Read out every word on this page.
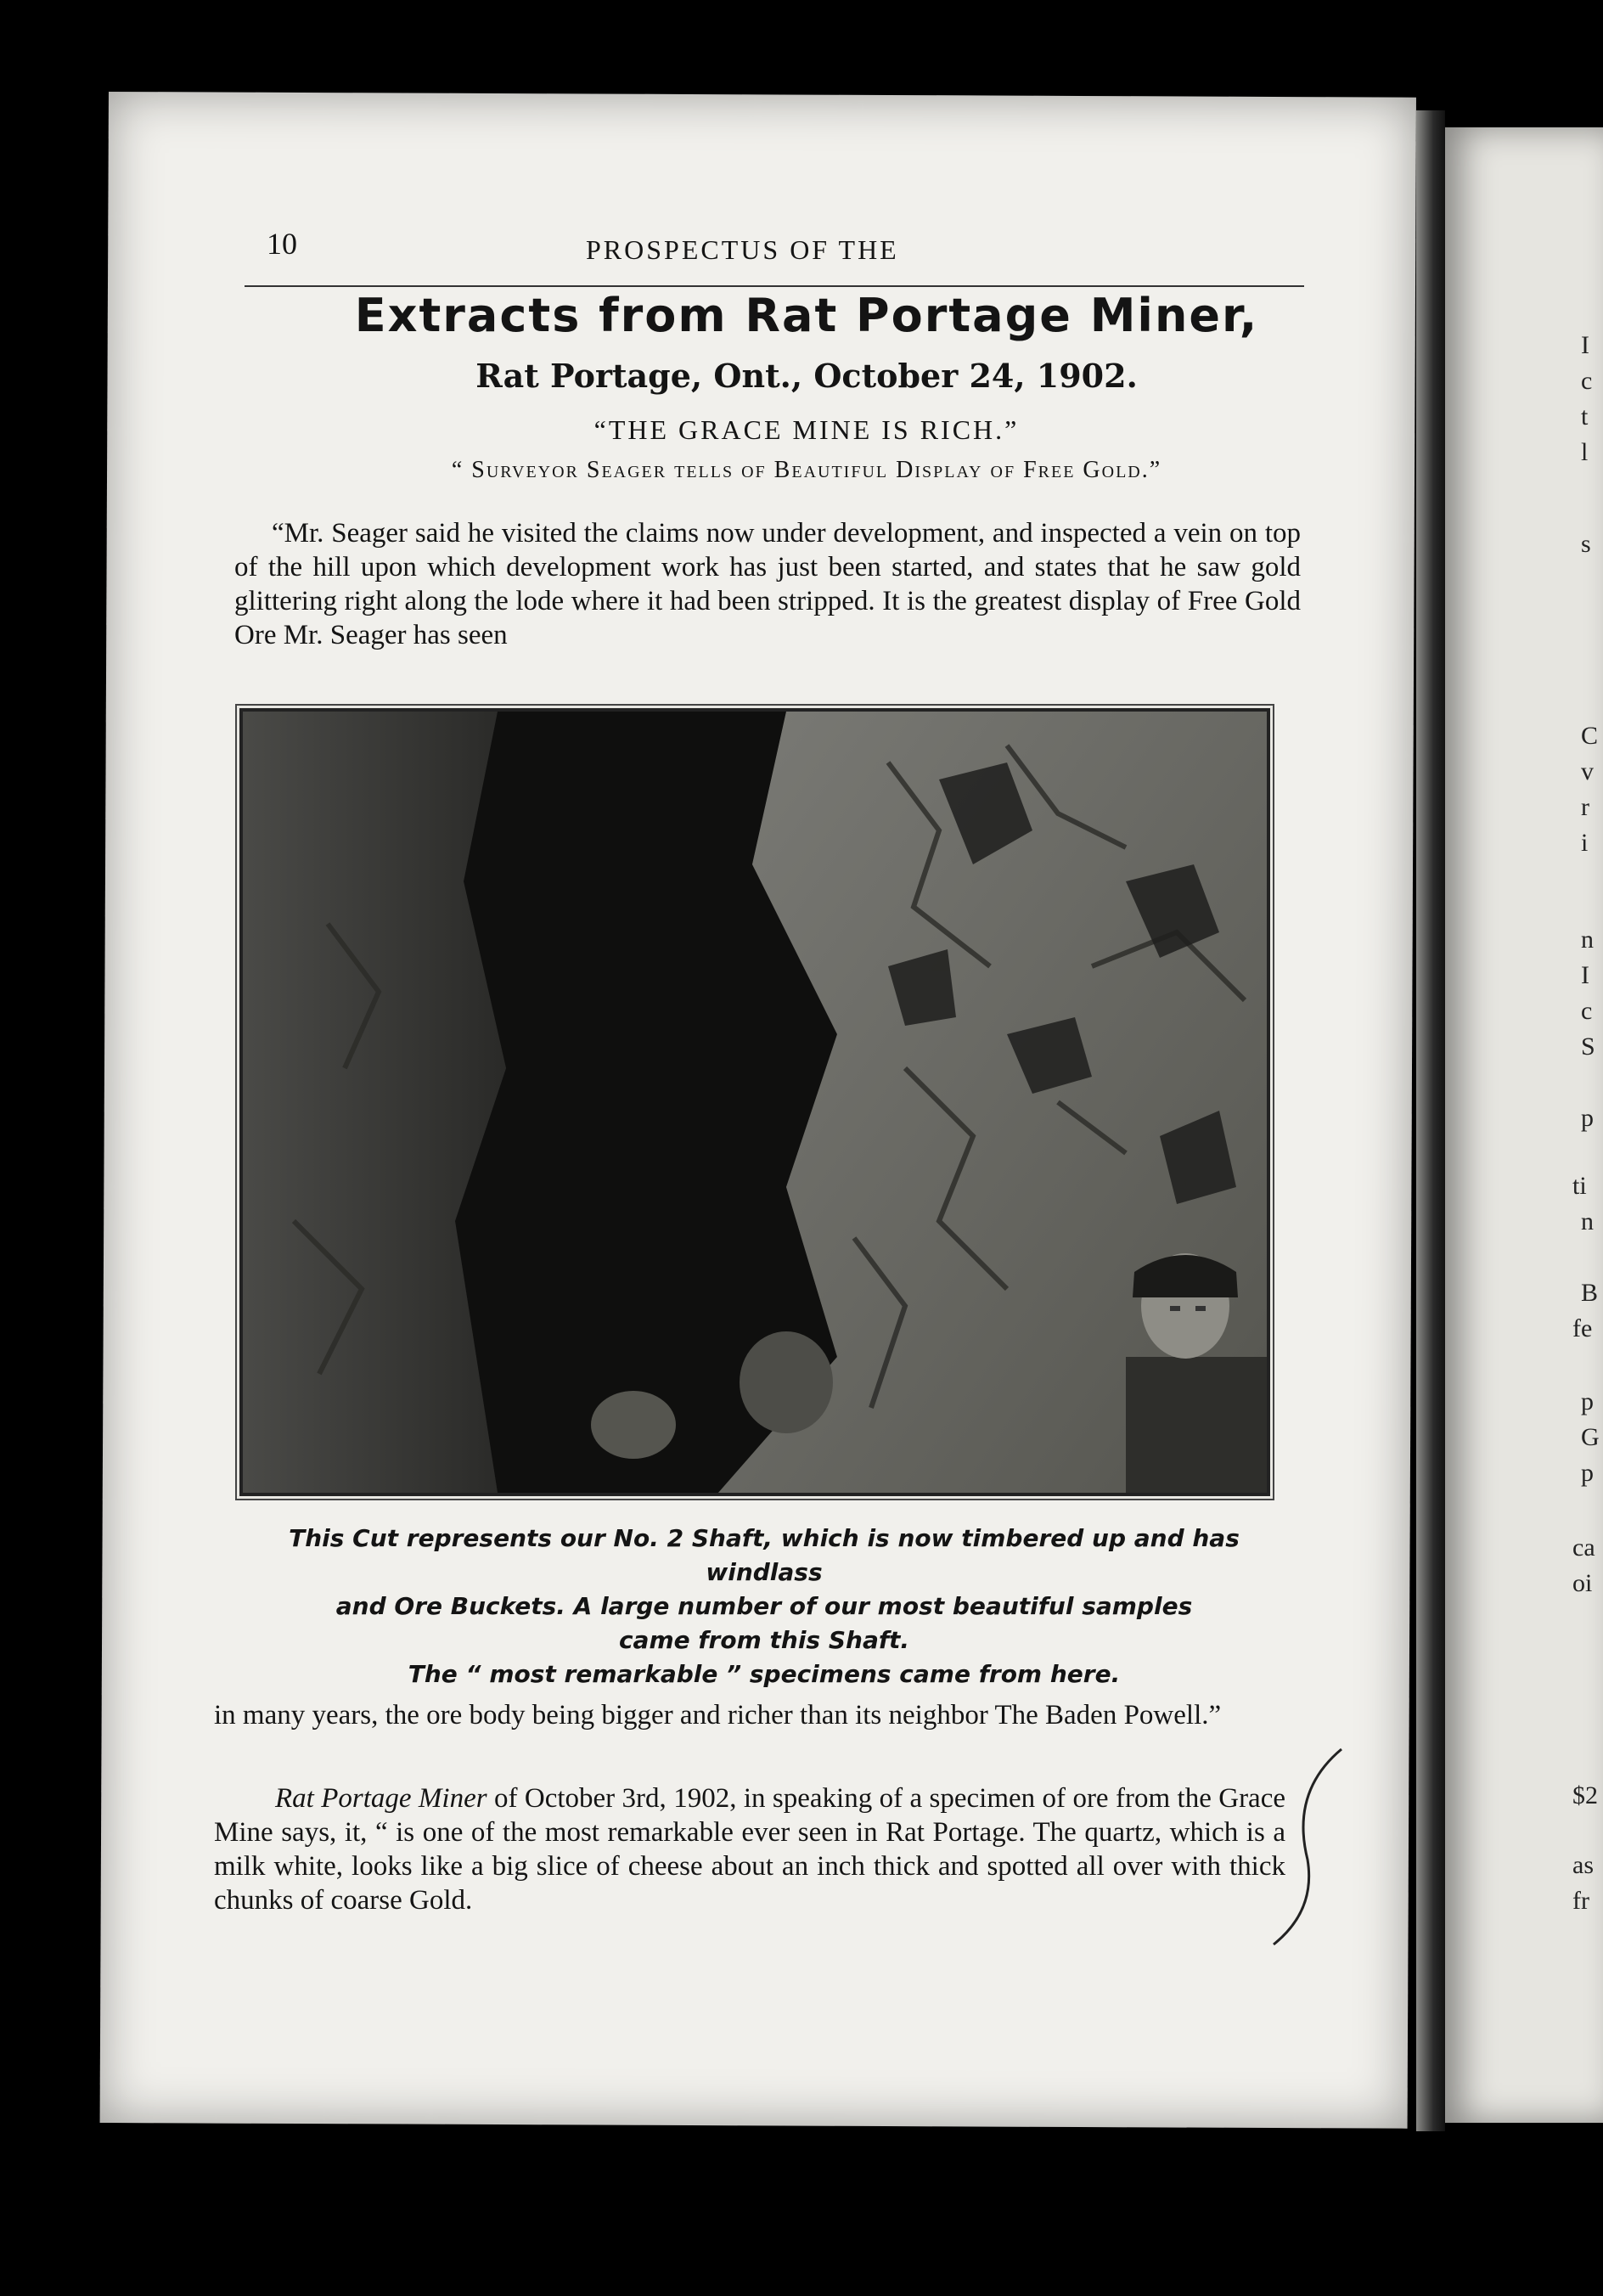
I
c
t
l
s
C
v
r
i
n
I
c
S
p
ti
n
B
fe
p
G
p
ca
oi
$2
as
fr
10	PROSPECTUS OF THE
Extracts from Rat Portage Miner,
Rat Portage, Ont., October 24, 1902.
“THE GRACE MINE IS RICH.”
“ Surveyor Seager tells of Beautiful Display of Free Gold.”
“Mr. Seager said he visited the claims now under development, and inspected a vein on top of the hill upon which development work has just been started, and states that he saw gold glittering right along the lode where it had been stripped. It is the greatest display of Free Gold Ore Mr. Seager has seen
This Cut represents our No. 2 Shaft, which is now timbered up and has windlass
and Ore Buckets. A large number of our most beautiful samples
came from this Shaft.
The “ most remarkable ” specimens came from here.
in many years, the ore body being bigger and richer than its neighbor The Baden Powell.”
Rat Portage Miner of October 3rd, 1902, in speaking of a specimen of ore from the Grace Mine says, it, “ is one of the most remarkable ever seen in Rat Portage. The quartz, which is a milk white, looks like a big slice of cheese about an inch thick and spotted all over with thick chunks of coarse Gold.
